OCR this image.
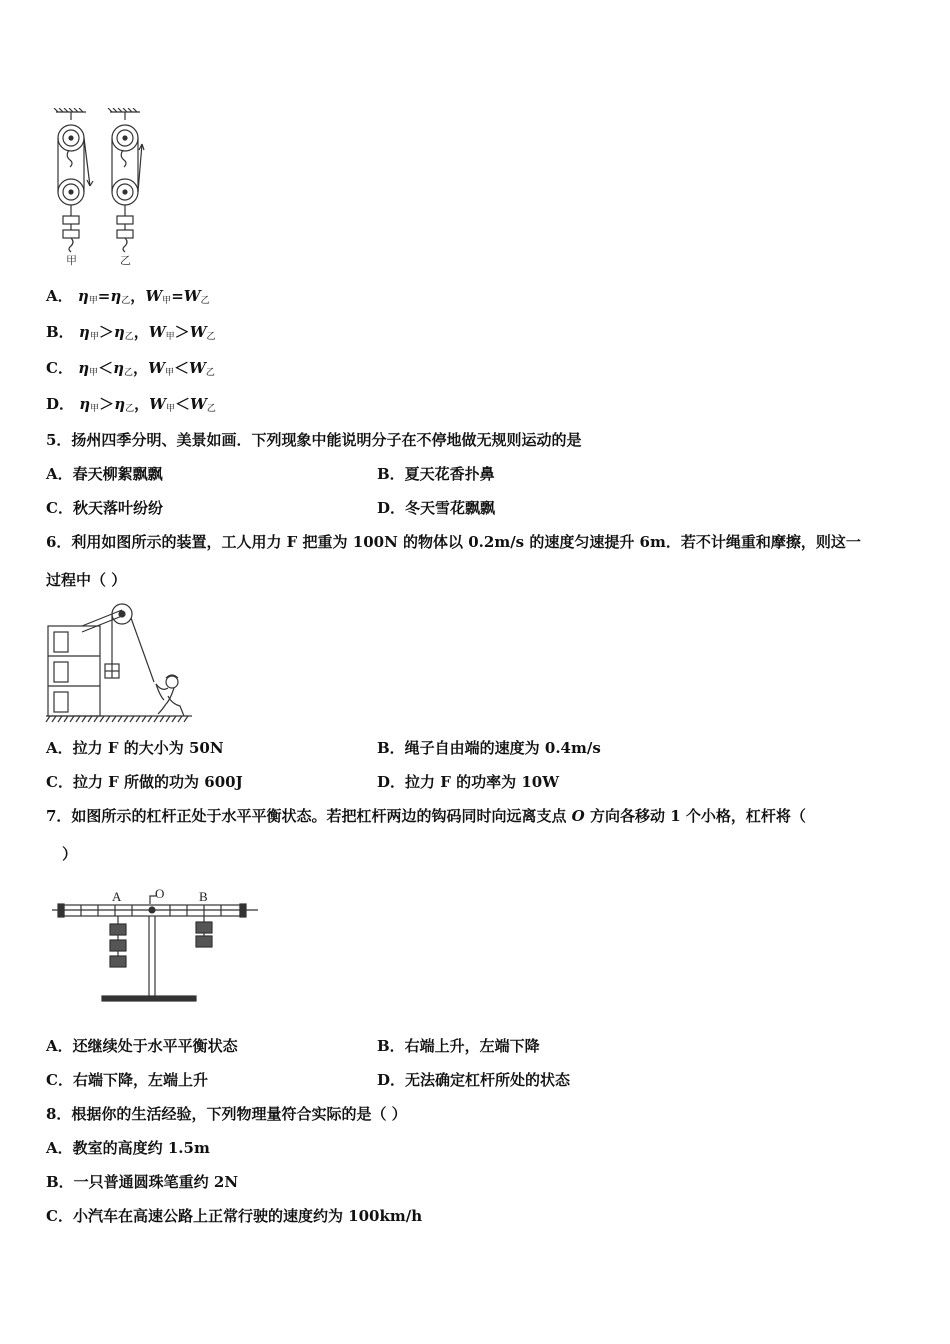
甲	乙
A． $\eta_甲=\eta_乙$，$W_甲=W_乙$
B． $\eta_甲>\eta_乙$，$W_甲>W_乙$
C． $\eta_甲<\eta_乙$，$W_甲<W_乙$
D． $\eta_甲>\eta_乙$，$W_甲<W_乙$
5．扬州四季分明、美景如画．下列现象中能说明分子在不停地做无规则运动的是
A．春天柳絮飘飘	B．夏天花香扑鼻
C．秋天落叶纷纷	D．冬天雪花飘飘
6．利用如图所示的装置，工人用力 F 把重为 100N 的物体以 0.2m/s 的速度匀速提升 6m．若不计绳重和摩擦，则这一
过程中（ ）
A．拉力 F 的大小为 50N	B．绳子自由端的速度为 0.4m/s
C．拉力 F 所做的功为 600J	D．拉力 F 的功率为 10W
7．如图所示的杠杆正处于水平平衡状态。若把杠杆两边的钩码同时向远离支点 O 方向各移动 1 个小格，杠杆将（
）
A	O	B
A．还继续处于水平平衡状态	B．右端上升，左端下降
C．右端下降，左端上升	D．无法确定杠杆所处的状态
8．根据你的生活经验，下列物理量符合实际的是（ ）
A．教室的高度约 1.5m
B．一只普通圆珠笔重约 2N
C．小汽车在高速公路上正常行驶的速度约为 100km/h
